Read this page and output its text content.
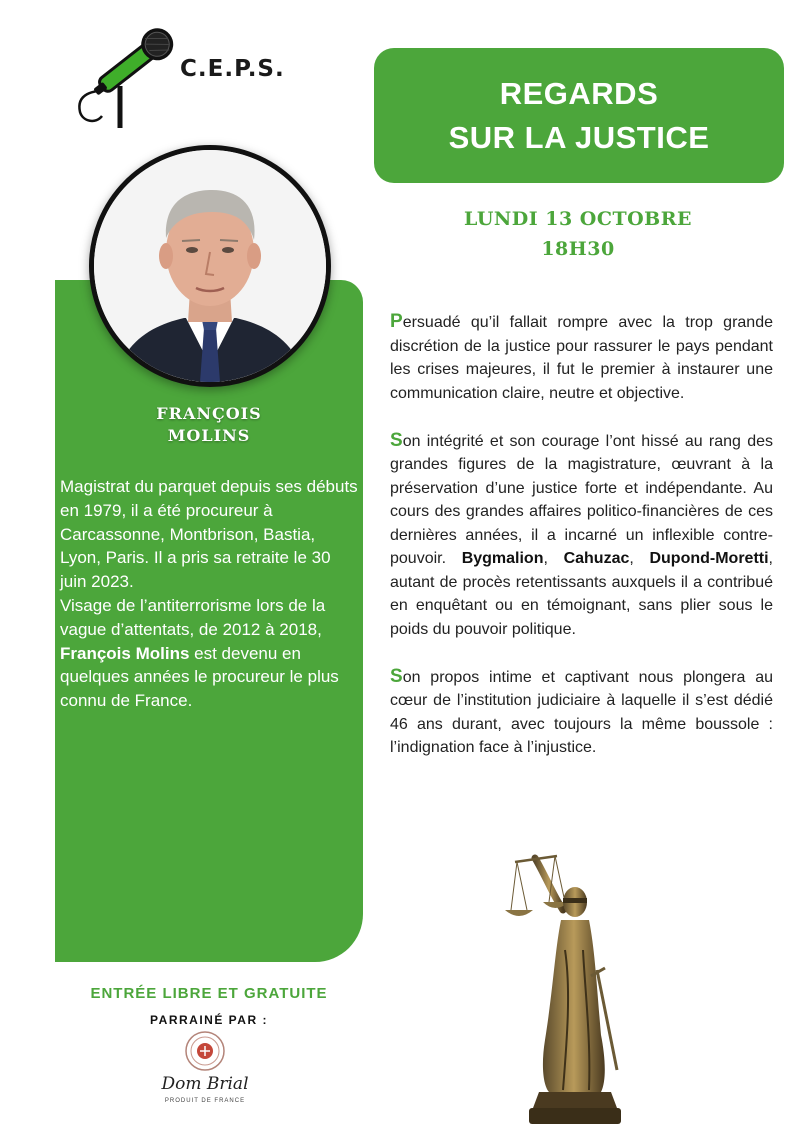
C.E.P.S.
FRANÇOIS
MOLINS

Magistrat du parquet depuis ses débuts en 1979, il a été procureur à Carcassonne, Montbrison, Bastia, Lyon, Paris. Il a pris sa retraite le 30 juin 2023.

Visage de l’antiterrorisme lors de la vague d’attentats, de 2012 à 2018, François Molins est devenu en quelques années le procureur le plus connu de France.

REGARDS
SUR LA JUSTICE
LUNDI 13 OCTOBRE
18H30

Persuadé qu’il fallait rompre avec la trop grande discrétion de la justice pour rassurer le pays pendant les crises majeures, il fut le premier à instaurer une communication claire, neutre et objective.

Son intégrité et son courage l’ont hissé au rang des grandes figures de la magistrature, œuvrant à la préservation d’une justice forte et indépendante. Au cours des grandes affaires politico-financières de ces dernières années, il a incarné un inflexible contre-pouvoir. Bygmalion, Cahuzac, Dupond-Moretti, autant de procès retentissants auxquels il a contribué en enquêtant ou en témoignant, sans plier sous le poids du pouvoir politique.

Son propos intime et captivant nous plongera au cœur de l’institution judiciaire à laquelle il s’est dédié 46 ans durant, avec toujours la même boussole : l’indignation face à l’injustice.

ENTRÉE LIBRE ET GRATUITE
PARRAINÉ PAR :
Dom Brial
PRODUIT DE FRANCE
